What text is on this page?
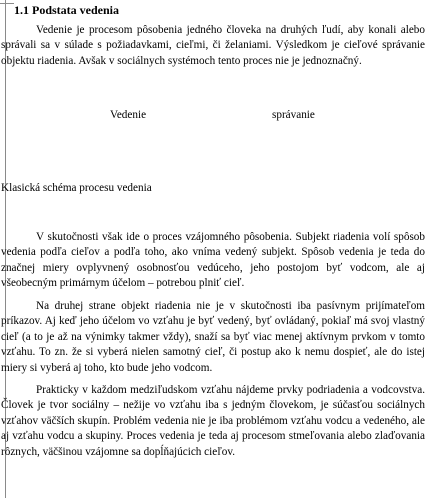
1.1 Podstata vedenia

Vedenie je procesom pôsobenia jedného človeka na druhých ľudí, aby konali alebo správali sa v súlade s požiadavkami, cieľmi, či želaniami. Výsledkom je cieľové správanie objektu riadenia. Avšak v sociálnych systémoch tento proces nie je jednoznačný.

Vedenie	správanie
Klasická schéma procesu vedenia

V skutočnosti však ide o proces vzájomného pôsobenia. Subjekt riadenia volí spôsob vedenia podľa cieľov a podľa toho, ako vníma vedený subjekt. Spôsob vedenia je teda do značnej miery ovplyvnený osobnosťou vedúceho, jeho postojom byť vodcom, ale aj všeobecným primárnym účelom – potrebou plniť cieľ.

Na druhej strane objekt riadenia nie je v skutočnosti iba pasívnym prijímateľom príkazov. Aj keď jeho účelom vo vzťahu je byť vedený, byť ovládaný, pokiaľ má svoj vlastný cieľ (a to je až na výnimky takmer vždy), snaží sa byť viac menej aktívnym prvkom v tomto vzťahu. To zn. že si vyberá nielen samotný cieľ, či postup ako k nemu dospieť, ale do istej miery si vyberá aj toho, kto bude jeho vodcom.

Prakticky v každom medziľudskom vzťahu nájdeme prvky podriadenia a vodcovstva. Človek je tvor sociálny – nežije vo vzťahu iba s jedným človekom, je súčasťou sociálnych vzťahov väčších skupín. Problém vedenia nie je iba problémom vzťahu vodcu a vedeného, ale aj vzťahu vodcu a skupiny. Proces vedenia je teda aj procesom stmeľovania alebo zlaďovania rôznych, väčšinou vzájomne sa dopĺňajúcich cieľov.
